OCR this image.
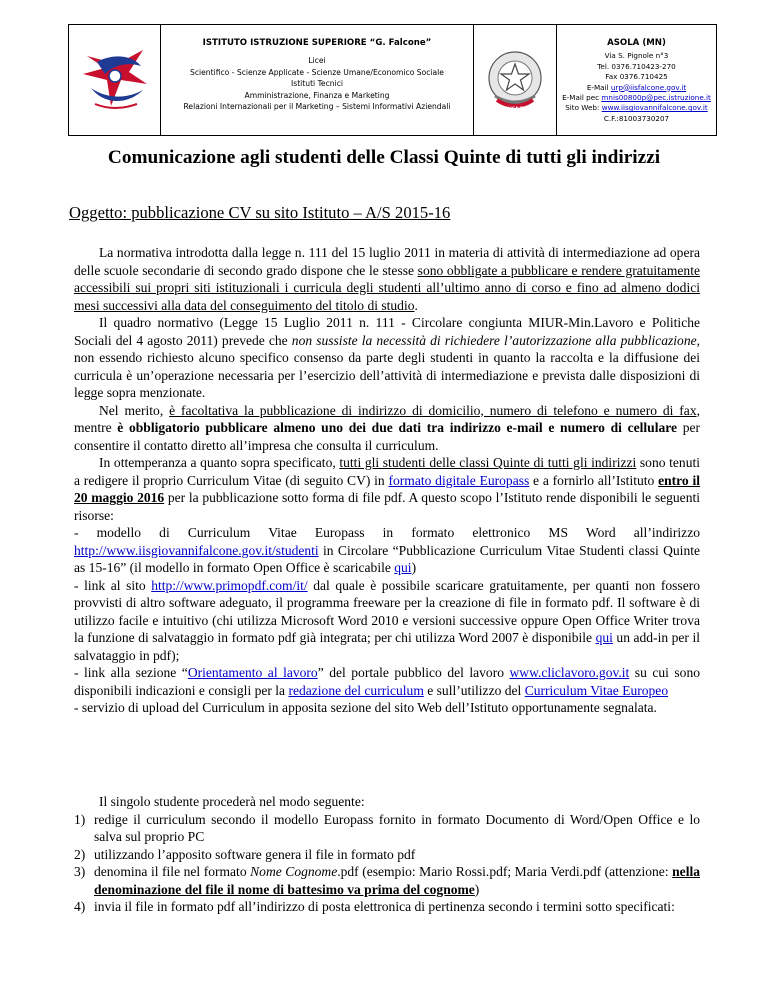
ISTITUTO ISTRUZIONE SUPERIORE “G. Falcone”
Licei
Scientifico - Scienze Applicate - Scienze Umane/Economico Sociale
Istituti Tecnici
Amministrazione, Finanza e Marketing
Relazioni Internazionali per il Marketing – Sistemi Informativi Aziendali	REPUBBLICA ITALIANA
ASOLA (MN)
Via S. Pignole n°3
Tel. 0376.710423-270
Fax 0376.710425
E-Mail urp@iisfalcone.gov.it
E-Mail pec mnis00800p@pec.istruzione.it
Sito Web: www.iisgiovannifalcone.gov.it
C.F.:81003730207
Comunicazione agli studenti delle Classi Quinte di tutti gli indirizzi
Oggetto: pubblicazione CV su sito Istituto – A/S 2015-16

La normativa introdotta dalla legge n. 111 del 15 luglio 2011 in materia di attività di intermediazione ad opera delle scuole secondarie di secondo grado dispone che le stesse sono obbligate a pubblicare e rendere gratuitamente accessibili sui propri siti istituzionali i curricula degli studenti all’ultimo anno di corso e fino ad almeno dodici mesi successivi alla data del conseguimento del titolo di studio.

Il quadro normativo (Legge 15 Luglio 2011 n. 111 - Circolare congiunta MIUR-Min.Lavoro e Politiche Sociali del 4 agosto 2011) prevede che non sussiste la necessità di richiedere l’autorizzazione alla pubblicazione, non essendo richiesto alcuno specifico consenso da parte degli studenti in quanto la raccolta e la diffusione dei curricula è un’operazione necessaria per l’esercizio dell’attività di intermediazione e prevista dalle disposizioni di legge sopra menzionate.

Nel merito, è facoltativa la pubblicazione di indirizzo di domicilio, numero di telefono e numero di fax, mentre è obbligatorio pubblicare almeno uno dei due dati tra indirizzo e-mail e numero di cellulare per consentire il contatto diretto all’impresa che consulta il curriculum.

In ottemperanza a quanto sopra specificato, tutti gli studenti delle classi Quinte di tutti gli indirizzi sono tenuti a redigere il proprio Curriculum Vitae (di seguito CV) in formato digitale Europass e a fornirlo all’Istituto entro il 20 maggio 2016 per la pubblicazione sotto forma di file pdf. A questo scopo l’Istituto rende disponibili le seguenti risorse:

- modello di Curriculum Vitae Europass in formato elettronico MS Word all’indirizzo http://www.iisgiovannifalcone.gov.it/studenti in Circolare “Pubblicazione Curriculum Vitae Studenti classi Quinte as 15-16” (il modello in formato Open Office è scaricabile qui)

- link al sito http://www.primopdf.com/it/ dal quale è possibile scaricare gratuitamente, per quanti non fossero provvisti di altro software adeguato, il programma freeware per la creazione di file in formato pdf. Il software è di utilizzo facile e intuitivo (chi utilizza Microsoft Word 2010 e versioni successive oppure Open Office Writer trova la funzione di salvataggio in formato pdf già integrata; per chi utilizza Word 2007 è disponibile qui un add-in per il salvataggio in pdf);

- link alla sezione “Orientamento al lavoro” del portale pubblico del lavoro www.cliclavoro.gov.it su cui sono disponibili indicazioni e consigli per la redazione del curriculum e sull’utilizzo del Curriculum Vitae Europeo

- servizio di upload del Curriculum in apposita sezione del sito Web dell’Istituto opportunamente segnalata.

Il singolo studente procederà nel modo seguente:

1) redige il curriculum secondo il modello Europass fornito in formato Documento di Word/Open Office e lo salva sul proprio PC
2) utilizzando l’apposito software genera il file in formato pdf
3) denomina il file nel formato Nome Cognome.pdf (esempio: Mario Rossi.pdf; Maria Verdi.pdf (attenzione: nella denominazione del file il nome di battesimo va prima del cognome)
4) invia il file in formato pdf all’indirizzo di posta elettronica di pertinenza secondo i termini sotto specificati:
